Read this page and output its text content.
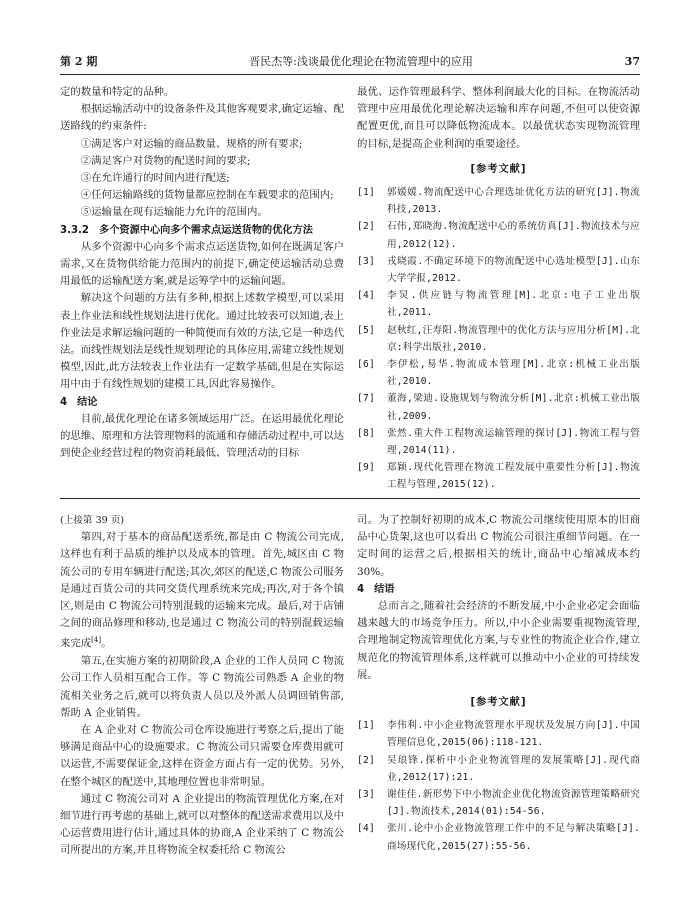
第 2 期	晋民杰等:浅谈最优化理论在物流管理中的应用	37

定的数量和特定的品种。

根据运输活动中的设备条件及其他客观要求,确定运输、配送路线的约束条件:

①满足客户对运输的商品数量、规格的所有要求;

②满足客户对货物的配送时间的要求;

③在允许通行的时间内进行配送;

④任何运输路线的货物量都应控制在车载要求的范围内;

⑤运输量在现有运输能力允许的范围内。

3.3.2 多个资源中心向多个需求点运送货物的优化方法

从多个资源中心向多个需求点运送货物,如何在既满足客户需求,又在货物供给能力范围内的前提下,确定使运输活动总费用最低的运输配送方案,就是运筹学中的运输问题。

解决这个问题的方法有多种,根据上述数学模型,可以采用表上作业法和线性规划法进行优化。通过比较表可以知道,表上作业法是求解运输问题的一种简便而有效的方法,它是一种迭代法。而线性规划法是线性规划理论的具体应用,需建立线性规划模型,因此,此方法较表上作业法有一定数学基础,但是在实际运用中由于有线性规划的建模工具,因此容易操作。

4 结论

目前,最优化理论在诸多领域运用广泛。在运用最优化理论的思维、原理和方法管理物料的流通和存储活动过程中,可以达到使企业经营过程的物资消耗最低、管理活动的目标

最优、运作管理最科学、整体利润最大化的目标。在物流活动管理中应用最优化理论解决运输和库存问题,不但可以使资源配置更优,而且可以降低物流成本。以最优状态实现物流管理的目标,是提高企业利润的重要途径。

[参考文献]
[1]	郭媛媛.物流配送中心合理选址优化方法的研究[J].物流科技,2013.
[2]	石伟,郑晓海.物流配送中心的系统仿真[J].物流技术与应用,2012(12).
[3]	戎晓霞.不确定环境下的物流配送中心选址模型[J].山东大学学报,2012.
[4]	李炅.供应链与物流管理[M].北京:电子工业出版社,2011.
[5]	赵秋红,汪寿阳.物流管理中的优化方法与应用分析[M].北京:科学出版社,2010.
[6]	李伊松,易华.物流成本管理[M].北京:机械工业出版社,2010.
[7]	董海,梁迪.设施规划与物流分析[M].北京:机械工业出版社,2009.
[8]	张然.重大件工程物流运输管理的探讨[J].物流工程与管理,2014(11).
[9]	郑颖.现代化管理在物流工程发展中重要性分析[J].物流工程与管理,2015(12).

(上接第 39 页)

第四,对于基本的商品配送系统,都是由 C 物流公司完成,这样也有利于品质的维护以及成本的管理。首先,城区由 C 物流公司的专用车辆进行配送;其次,郊区的配送,C 物流公司服务是通过百货公司的共同交货代理系统来完成;再次,对于各个镇区,则是由 C 物流公司特别混载的运输来完成。最后,对于店铺之间的商品修理和移动,也是通过 C 物流公司的特别混载运输来完成[4]。

第五,在实施方案的初期阶段,A 企业的工作人员同 C 物流公司工作人员相互配合工作。等 C 物流公司熟悉 A 企业的物流相关业务之后,就可以将负责人员以及外派人员调回销售部,帮助 A 企业销售。

在 A 企业对 C 物流公司仓库设施进行考察之后,提出了能够满足商品中心的设施要求。C 物流公司只需要仓库费用就可以运营,不需要保证金,这样在资金方面占有一定的优势。另外,在整个城区的配送中,其地理位置也非常明显。

通过 C 物流公司对 A 企业提出的物流管理优化方案,在对细节进行再考虑的基础上,就可以对整体的配送需求费用以及中心运营费用进行估计,通过具体的协商,A 企业采纳了 C 物流公司所提出的方案,并且将物流全权委托给 C 物流公

司。为了控制好初期的成本,C 物流公司继续使用原本的旧商品中心货架,这也可以看出 C 物流公司很注重细节问题。在一定时间的运营之后,根据相关的统计,商品中心缩减成本约 30%。

4 结语

总而言之,随着社会经济的不断发展,中小企业必定会面临越来越大的市场竞争压力。所以,中小企业需要重视物流管理,合理地制定物流管理优化方案,与专业性的物流企业合作,建立规范化的物流管理体系,这样就可以推动中小企业的可持续发展。

[参考文献]
[1]	李伟利.中小企业物流管理水平现状及发展方向[J].中国管理信息化,2015(06):118-121.
[2]	吴琅锋.探析中小企业物流管理的发展策略[J].现代商业,2012(17):21.
[3]	谢佳佳.新形势下中小物流企业优化物流资源管理策略研究[J].物流技术,2014(01):54-56.
[4]	张川.论中小企业物流管理工作中的不足与解决策略[J].商场现代化,2015(27):55-56.
